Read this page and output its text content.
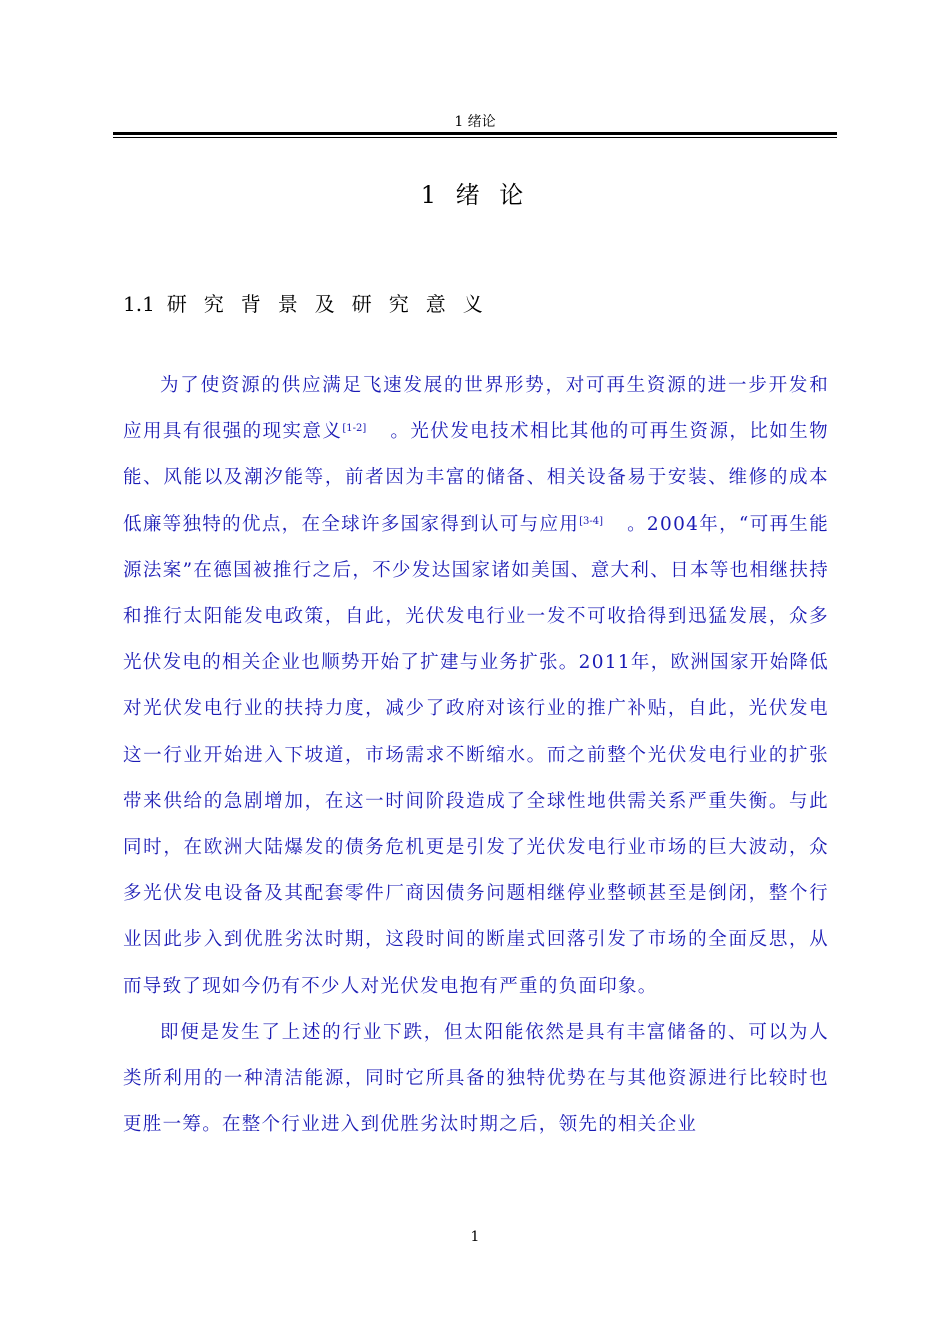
1 绪论
1 绪 论
1.1 研究背景及研究意义

为了使资源的供应满足飞速发展的世界形势，对可再生资源的进一步开发和应用具有很强的现实意义[1-2] 。光伏发电技术相比其他的可再生资源，比如生物能、风能以及潮汐能等，前者因为丰富的储备、相关设备易于安装、维修的成本低廉等独特的优点，在全球许多国家得到认可与应用[3-4] 。2004年，“可再生能源法案”在德国被推行之后，不少发达国家诸如美国、意大利、日本等也相继扶持和推行太阳能发电政策，自此，光伏发电行业一发不可收拾得到迅猛发展，众多光伏发电的相关企业也顺势开始了扩建与业务扩张。2011年，欧洲国家开始降低对光伏发电行业的扶持力度，减少了政府对该行业的推广补贴，自此，光伏发电这一行业开始进入下坡道，市场需求不断缩水。而之前整个光伏发电行业的扩张带来供给的急剧增加，在这一时间阶段造成了全球性地供需关系严重失衡。与此同时，在欧洲大陆爆发的债务危机更是引发了光伏发电行业市场的巨大波动，众多光伏发电设备及其配套零件厂商因债务问题相继停业整顿甚至是倒闭，整个行业因此步入到优胜劣汰时期，这段时间的断崖式回落引发了市场的全面反思，从而导致了现如今仍有不少人对光伏发电抱有严重的负面印象。

即便是发生了上述的行业下跌，但太阳能依然是具有丰富储备的、可以为人类所利用的一种清洁能源，同时它所具备的独特优势在与其他资源进行比较时也更胜一筹。在整个行业进入到优胜劣汰时期之后，领先的相关企业

1
